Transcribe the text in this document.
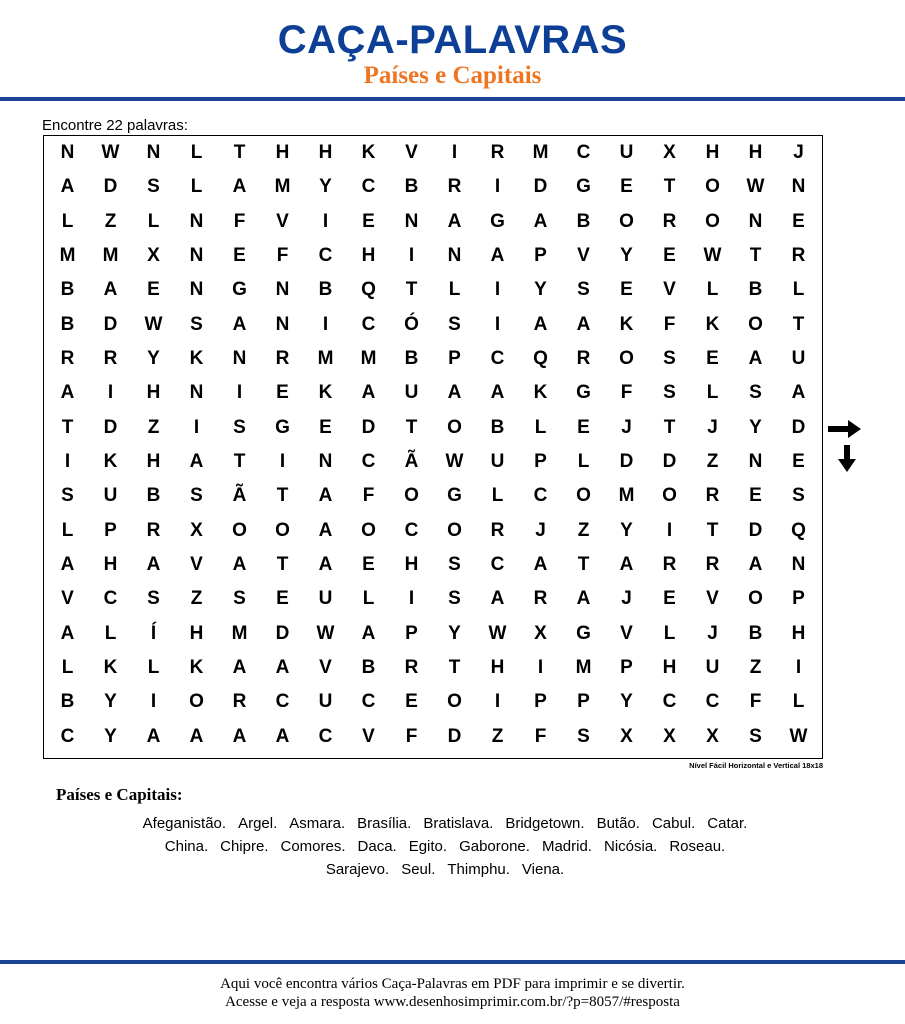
CAÇA-PALAVRAS
Países e Capitais
Encontre 22 palavras:
N	W	N	L	T	H	H	K	V	I	R	M	C	U	X	H	H	J
A	D	S	L	A	M	Y	C	B	R	I	D	G	E	T	O	W	N
L	Z	L	N	F	V	I	E	N	A	G	A	B	O	R	O	N	E
M	M	X	N	E	F	C	H	I	N	A	P	V	Y	E	W	T	R
B	A	E	N	G	N	B	Q	T	L	I	Y	S	E	V	L	B	L
B	D	W	S	A	N	I	C	Ó	S	I	A	A	K	F	K	O	T
R	R	Y	K	N	R	M	M	B	P	C	Q	R	O	S	E	A	U
A	I	H	N	I	E	K	A	U	A	A	K	G	F	S	L	S	A
T	D	Z	I	S	G	E	D	T	O	B	L	E	J	T	J	Y	D
I	K	H	A	T	I	N	C	Ã	W	U	P	L	D	D	Z	N	E
S	U	B	S	Ã	T	A	F	O	G	L	C	O	M	O	R	E	S
L	P	R	X	O	O	A	O	C	O	R	J	Z	Y	I	T	D	Q
A	H	A	V	A	T	A	E	H	S	C	A	T	A	R	R	A	N
V	C	S	Z	S	E	U	L	I	S	A	R	A	J	E	V	O	P
A	L	Í	H	M	D	W	A	P	Y	W	X	G	V	L	J	B	H
L	K	L	K	A	A	V	B	R	T	H	I	M	P	H	U	Z	I
B	Y	I	O	R	C	U	C	E	O	I	P	P	Y	C	C	F	L
C	Y	A	A	A	A	C	V	F	D	Z	F	S	X	X	X	S	W
Nível Fácil Horizontal e Vertical 18x18
Países e Capitais:
Afeganistão. Argel. Asmara. Brasília. Bratislava. Bridgetown. Butão. Cabul. Catar.
China. Chipre. Comores. Daca. Egito. Gaborone. Madrid. Nicósia. Roseau.
Sarajevo. Seul. Thimphu. Viena.
Aqui você encontra vários Caça-Palavras em PDF para imprimir e se divertir.
Acesse e veja a resposta www.desenhosimprimir.com.br/?p=8057/#resposta
